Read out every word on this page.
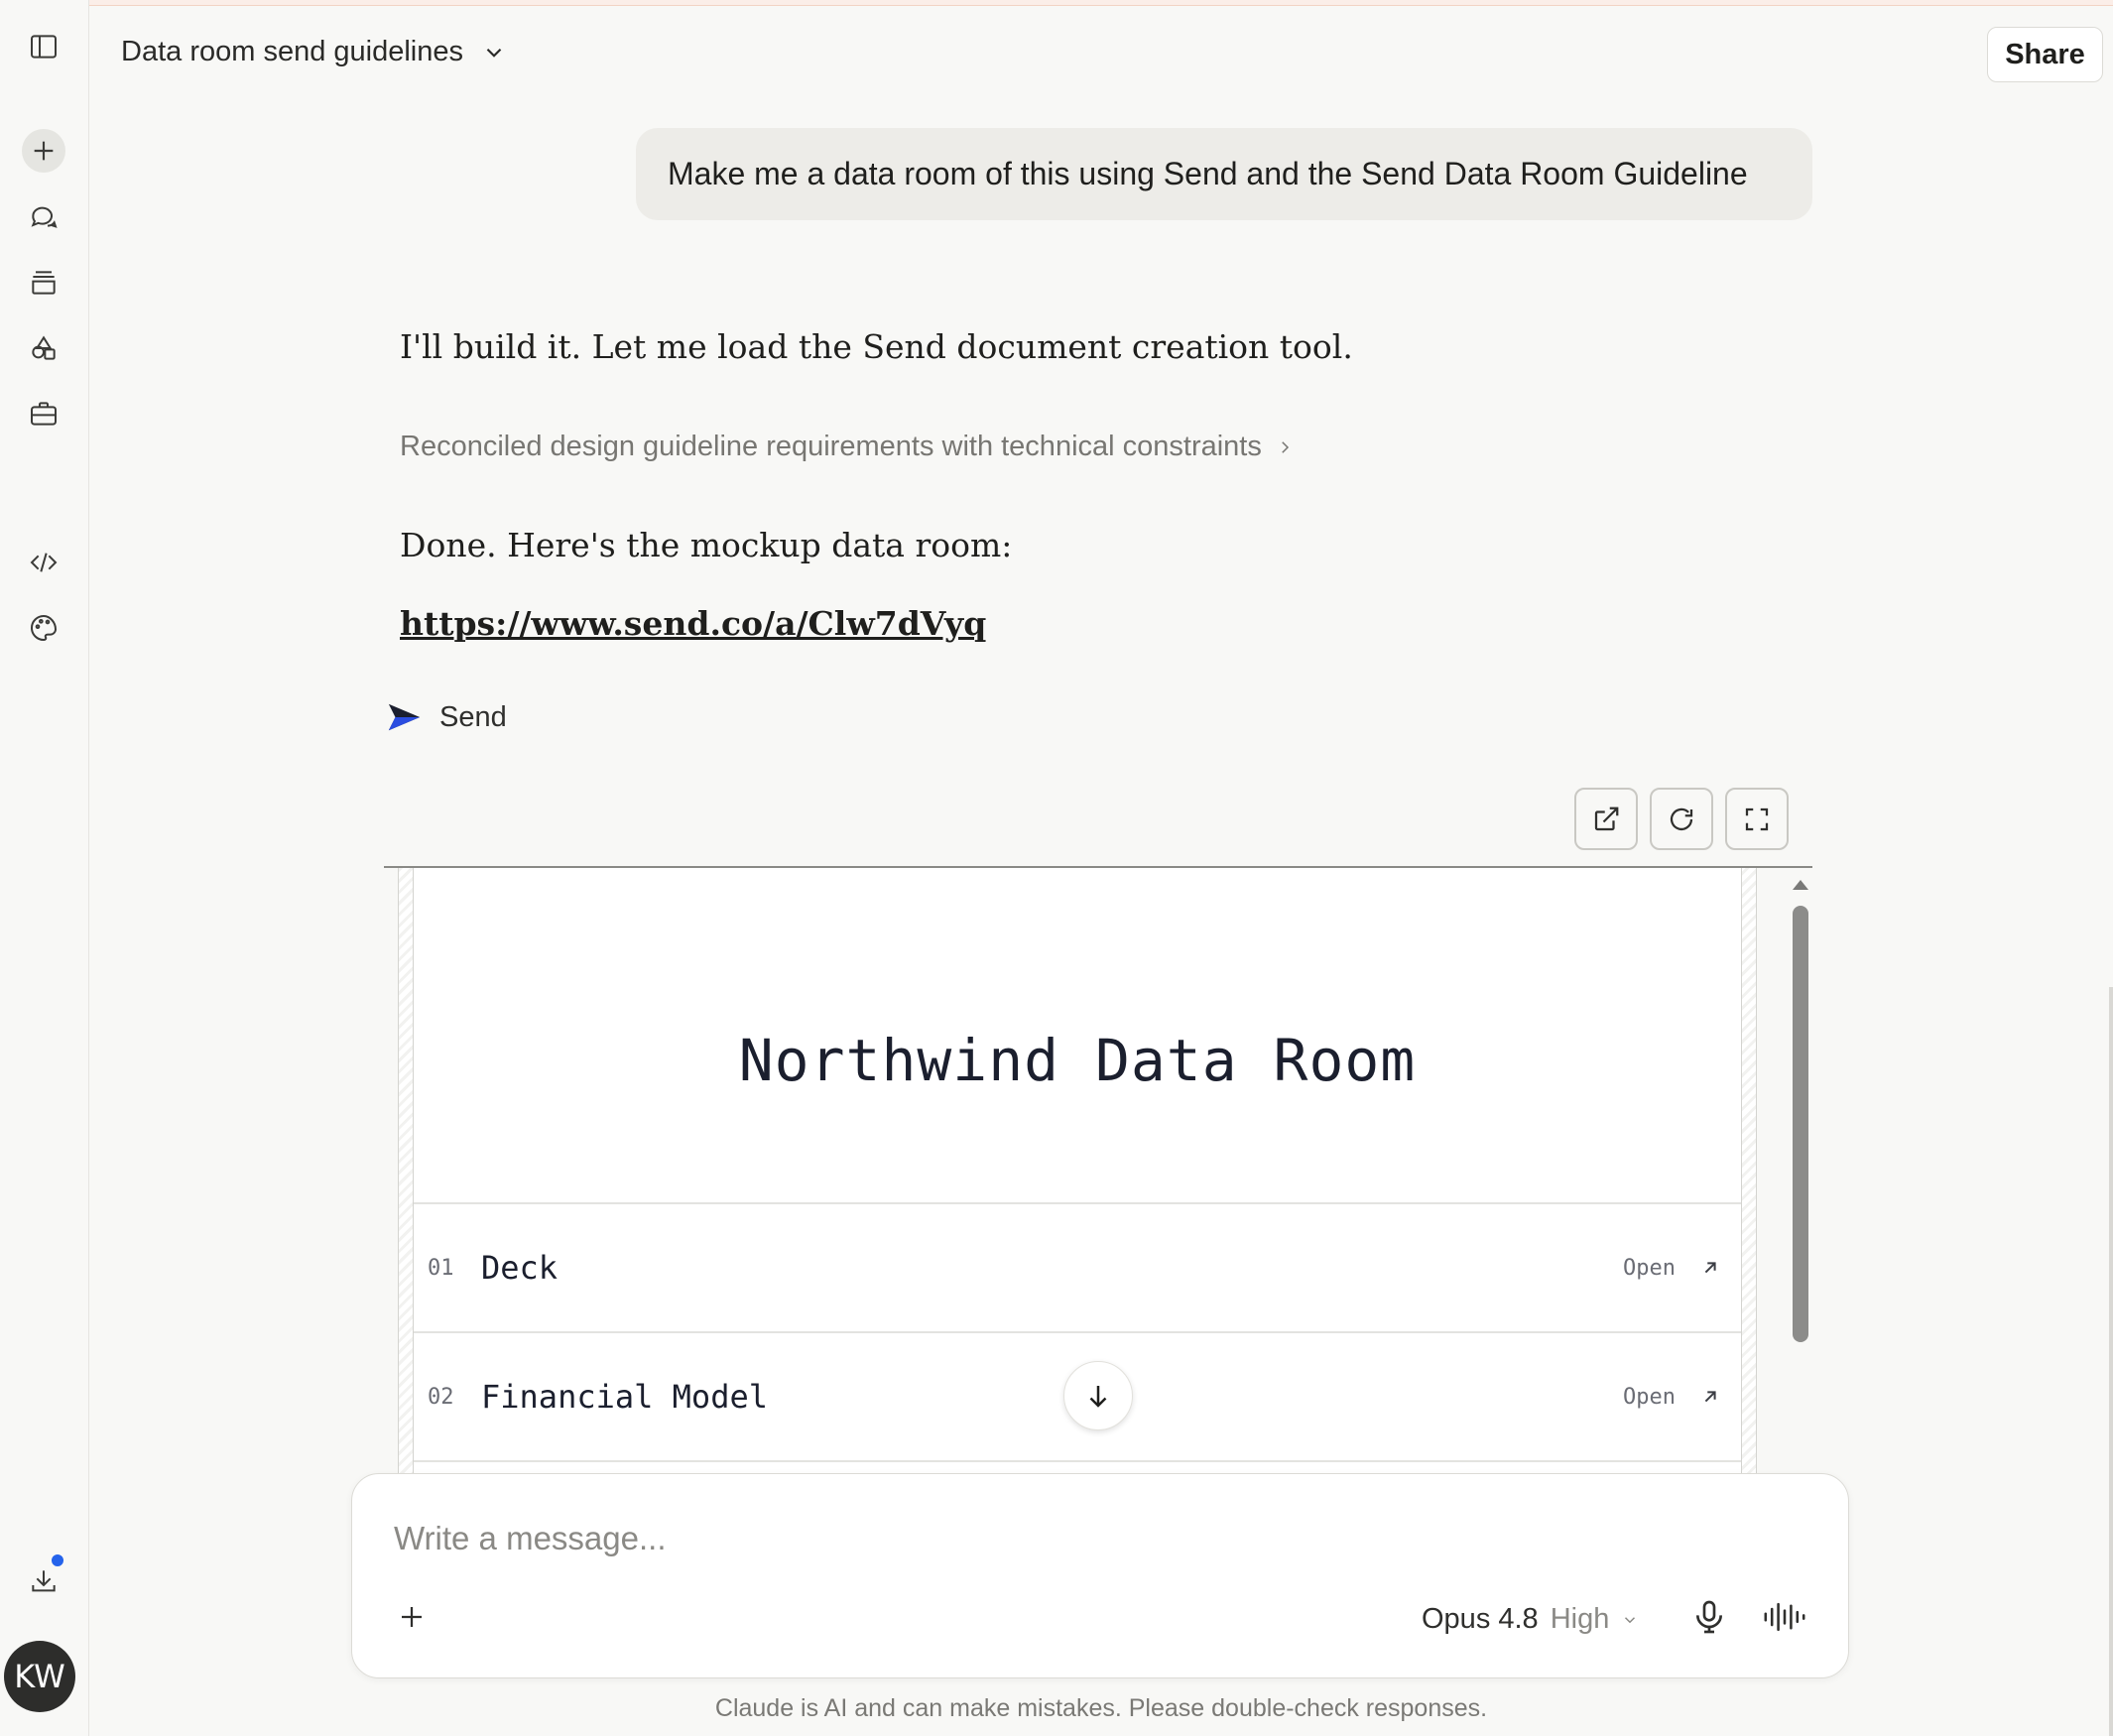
KW
Data room send guidelines	Share
Make me a data room of this using Send and the Send Data Room Guideline
I'll build it. Let me load the Send document creation tool.
Reconciled design guideline requirements with technical constraints
Done. Here's the mockup data room:
https://www.send.co/a/Clw7dVyq
Send
Northwind Data Room
01 Deck	Open
02 Financial Model	Open
Write a message...
Opus 4.8 High
Claude is AI and can make mistakes. Please double-check responses.
